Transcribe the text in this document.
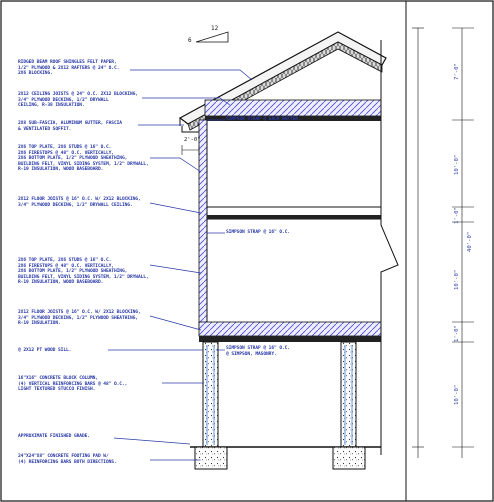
6
12
2'-0"
RIDGED BEAM ROOF SHINGLES FELT PAPER,
1/2" PLYWOOD & 2X12 RAFTERS @ 24" O.C.
2X6 BLOCKING.
2X12 CEILING JOISTS @ 24" O.C. 2X12 BLOCKING,
3/4" PLYWOOD DECKING, 1/2" DRYWALL
CEILING, R-38 INSULATION.
2X8 SUB-FASCIA, ALUMINUM GUTTER, FASCIA
& VENTILATED SOFFIT.
2X6 TOP PLATE, 2X6 STUDS @ 16" O.C.
2X6 FIRESTOPS @ 48" O.C. VERTICALLY,
2X6 BOTTOM PLATE, 1/2" PLYWOOD SHEATHING,
BUILDING FELT, VINYL SIDING SYSTEM, 1/2" DRYWALL,
R-19 INSULATION, WOOD BASEBOARD.
2X12 FLOOR JOISTS @ 16" O.C. W/ 2X12 BLOCKING,
3/4" PLYWOOD DECKING, 1/2" DRYWALL CEILING.
2X6 TOP PLATE, 2X6 STUDS @ 16" O.C.
2X6 FIRESTOPS @ 48" O.C. VERTICALLY,
2X6 BOTTOM PLATE, 1/2" PLYWOOD SHEATHING,
BUILDING FELT, VINYL SIDING SYSTEM, 1/2" DRYWALL,
R-19 INSULATION, WOOD BASEBOARD.
2X12 FLOOR JOISTS @ 16" O.C. W/ 2X12 BLOCKING,
3/4" PLYWOOD DECKING, 1/2" PLYWOOD SHEATHING,
R-19 INSULATION.
@ 2X12 PT WOOD SILL.
16"X16" CONCRETE BLOCK COLUMN,
(4) VERTICAL REINFORCING BARS @ 48" O.C.,
LIGHT TEXTURED STUCCO FINISH.
APPROXIMATE FINISHED GRADE.
24"X24"X8" CONCRETE FOOTING PAD W/
(4) REINFORCING BARS BOTH DIRECTIONS.
SIMPSON STRAP @ EACH RAFTER.
SIMPSON STRAP @ 16" O.C.
SIMPSON STRAP @ 16" O.C.
@ SIMPSON, MASONRY.
7'-0"
10'-0"
1'-0"
10'-0"
1'-0"
10'-0"
40'-0"
